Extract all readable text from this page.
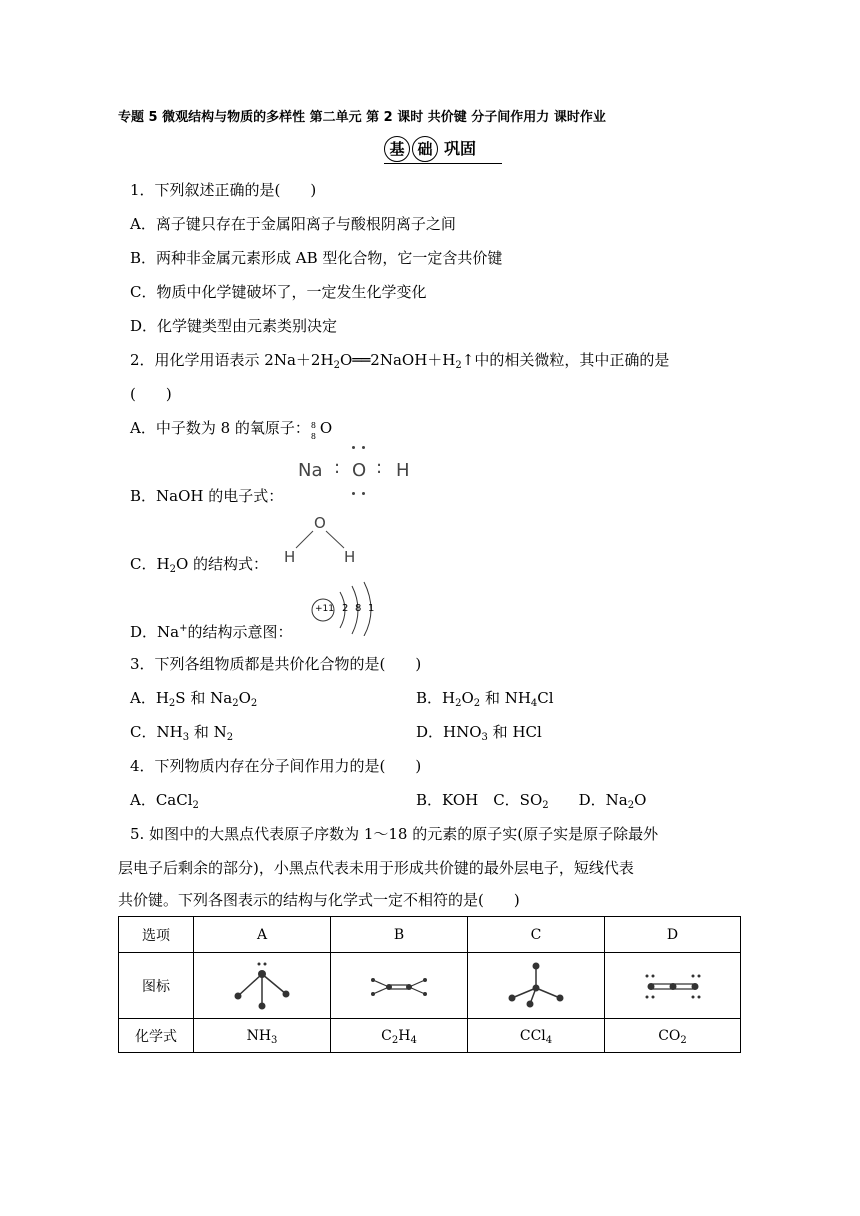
专题 5 微观结构与物质的多样性 第二单元 第 2 课时 共价键 分子间作用力 课时作业
基 础 巩固
1．下列叙述正确的是(　　)
A．离子键只存在于金属阳离子与酸根阴离子之间
B．两种非金属元素形成 AB 型化合物，它一定含共价键
C．物质中化学键破坏了，一定发生化学变化
D．化学键类型由元素类别决定
2．用化学用语表示 $2Na+2H_2O══2NaOH+H_2↑$中的相关微粒，其中正确的是
(　　)
A．中子数为 8 的氧原子： 8
8 O
B．NaOH 的电子式：
Na : O : H
C．$H_2O$ 的结构式：
O
H	H
D．Na+的结构示意图：
+11 2 8 1
3．下列各组物质都是共价化合物的是(　　)
A．$H_2S$ 和 $Na_2O_2$	B．$H_2O_2$ 和 $NH_4Cl$
C．$NH_3$ 和 $N_2$	D．$HNO_3$ 和 HCl
4．下列物质内存在分子间作用力的是(　　)
A．CaCl$_2$	B．KOH　C．$SO_2$　　 D．$Na_2O$
5. 如图中的大黑点代表原子序数为 1～18 的元素的原子实(原子实是原子除最外
层电子后剩余的部分)，小黑点代表未用于形成共价键的最外层电子，短线代表
共价键。下列各图表示的结构与化学式一定不相符的是(　　)
选项	A	B	C	D
图标	

化学式	$NH_3$	$C_2H_4$	CCl$_4$	$CO_2$
